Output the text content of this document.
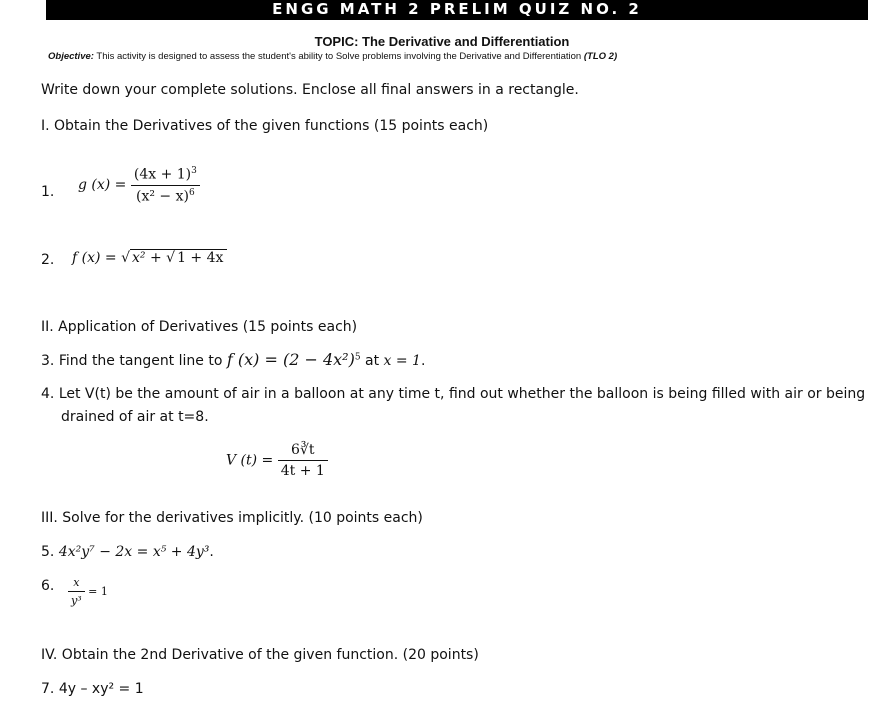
ENGG MATH 2 PRELIM QUIZ NO. 2
TOPIC: The Derivative and Differentiation
Objective: This activity is designed to assess the student's ability to Solve problems involving the Derivative and Differentiation (TLO 2)
Write down your complete solutions. Enclose all final answers in a rectangle.
I. Obtain the Derivatives of the given functions (15 points each)
1. g $(x) = \frac{(4x + 1)^3}{(x^2 - x)^6}$
2. f (x) = √ x² + √ 1 + 4x
II. Application of Derivatives (15 points each)
3. Find the tangent line to f $(x) = (2 - 4x^2)^5$ at x = 1.
4. Let V(t) be the amount of air in a balloon at any time t, find out whether the balloon is being filled with air or being
drained of air at t=8.
V $(t) = \frac{6∛t}{4t + 1}$
III. Solve for the derivatives implicitly. (10 points each)
5. 4x²y⁷ − 2x = x⁵ + 4y³.
6. $\frac{x}{\text{y³}} = 1$
IV. Obtain the 2nd Derivative of the given function. (20 points)
7. 4y – xy² = 1
